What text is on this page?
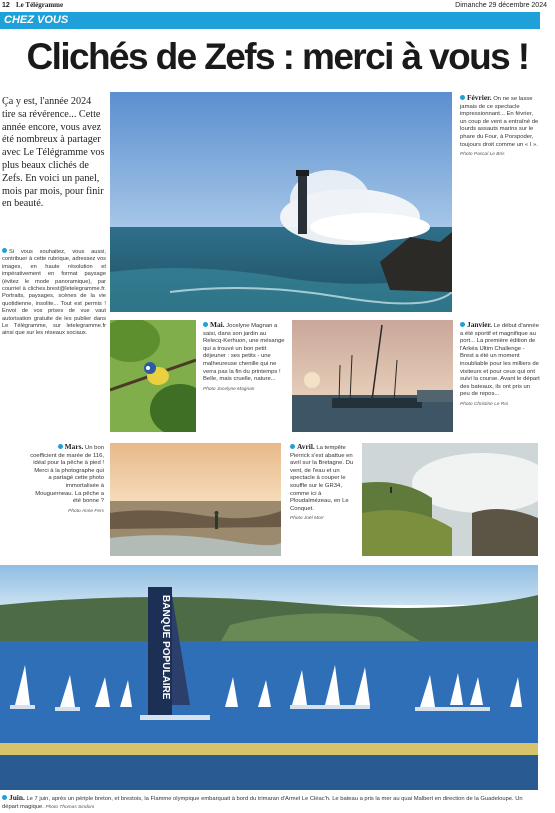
12 Le Télégramme	Dimanche 29 décembre 2024
CHEZ VOUS
Clichés de Zefs : merci à vous !

Ça y est, l'année 2024 tire sa révérence... Cette année encore, vous avez été nombreux à partager avec Le Télégramme vos plus beaux clichés de Zefs. En voici un panel, mois par mois, pour finir en beauté.

Si vous souhaitez, vous aussi, contribuer à cette rubrique, adressez vos images, en haute résolution et impérativement en format paysage (évitez le mode panoramique), par courriel à cliches.brest@letelegramme.fr. Portraits, paysages, scènes de la vie quotidienne, insolite... Tout est permis ! Envoi de vos prises de vue vaut autorisation gratuite de les publier dans Le Télégramme, sur letelegramme.fr ainsi que sur les réseaux sociaux.

Février. On ne se lasse jamais de ce spectacle impressionnant... En février, un coup de vent a entraîné de lourds assauts marins sur le phare du Four, à Porspoder, toujours droit comme un « I ».
Photo Pascal Le Bris

Mai. Jocelyne Magnan a saisi, dans son jardin au Relecq-Kerhuon, une mésange qui a trouvé un bon petit déjeuner : ses petits - une malheureuse chenille qui ne verra pas la fin du printemps ! Belle, mais cruelle, nature...
Photo Jocelyne Magnan

Janvier. Le début d'année a été sportif et magnifique au port... La première édition de l'Arkéa Ultim Challenge - Brest a été un moment inoubliable pour les milliers de visiteurs et pour ceux qui ont suivi la course. Avant le départ des bateaux, ils ont pris un peu de repos...
Photo Christine Le Roi

Mars. Un bon coefficient de marée de 116, idéal pour la pêche à pied ! Merci à la photographe qui a partagé cette photo immortalisée à Mouguerneau. La pêche a été bonne ?
Photo Anne Fers

Avril. La tempête Pierrick s'est abattue en avril sur la Bretagne. Du vent, de l'eau et un spectacle à couper le souffle sur le GR34, comme ici à Ploudalmézeau, en Le Conquet.
Photo Joël Morr

BANQUE POPULAIRE

Juin. Le 7 juin, après un périple breton, et brestois, la Flamme olympique embarquait à bord du trimaran d'Armel Le Cléac'h. Le bateau a pris la mer au quai Malbert en direction de la Guadeloupe. Un départ magique. Photo Thomas Sindoni
